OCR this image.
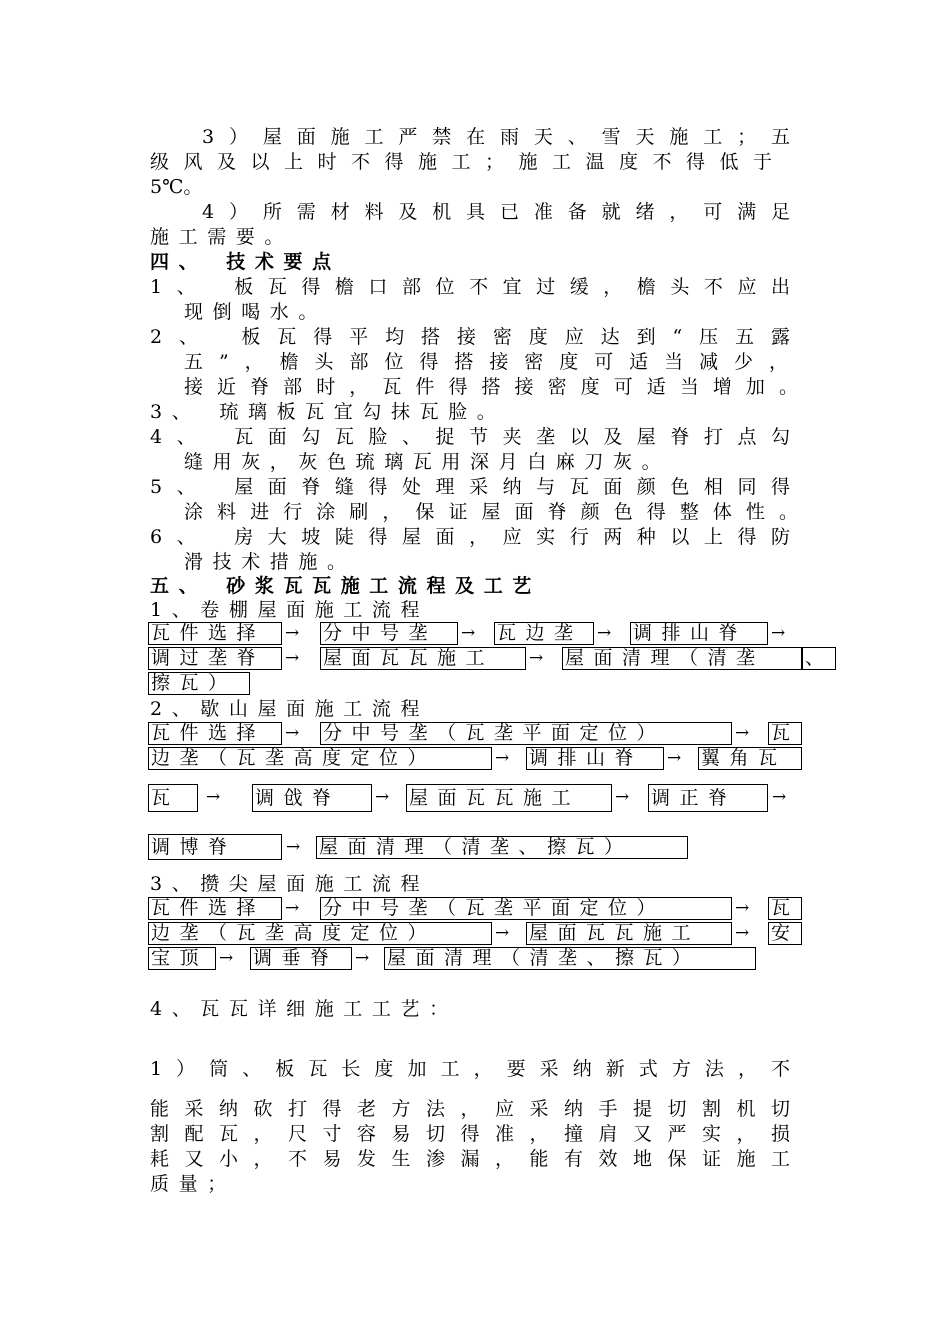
3）屋面施工严禁在雨天、雪天施工；五
级风及以上时不得施工；施工温度不得低于
5℃。
4）所需材料及机具已准备就绪，可满足
施工需要。
四、　技术要点
1、　板瓦得檐口部位不宜过缓，檐头不应出
现倒喝水。
2、　板瓦得平均搭接密度应达到“压五露
五”，檐头部位得搭接密度可适当减少，
接近脊部时，瓦件得搭接密度可适当增加。
3、　琉璃板瓦宜勾抹瓦脸。
4、　瓦面勾瓦脸、捉节夹垄以及屋脊打点勾
缝用灰，灰色琉璃瓦用深月白麻刀灰。
5、　屋面脊缝得处理采纳与瓦面颜色相同得
涂料进行涂刷，保证屋面脊颜色得整体性。
6、　房大坡陡得屋面，应实行两种以上得防
滑技术措施。
五、　砂浆瓦瓦施工流程及工艺
1、卷棚屋面施工流程
瓦件选择	→ 分中号垄	→ 瓦边垄 → 调排山脊	→
调过垄脊	→ 屋面瓦瓦施工	→ 屋面清理（清垄	、
擦瓦）
2、歇山屋面施工流程
瓦件选择	→ 分中号垄（瓦垄平面定位）	→ 瓦
边垄（瓦垄高度定位）	→ 调排山脊	→ 翼角瓦
瓦	→ 调戗脊	→ 屋面瓦瓦施工	→ 调正脊	→
调博脊	→ 屋面清理（清垄、擦瓦）
3、攒尖屋面施工流程
瓦件选择	→ 分中号垄（瓦垄平面定位）	→ 瓦
边垄（瓦垄高度定位）	→ 屋面瓦瓦施工	→ 安
宝顶 → 调垂脊 → 屋面清理（清垄、擦瓦）
4、瓦瓦详细施工工艺：
1）筒、板瓦长度加工，要采纳新式方法，不
能采纳砍打得老方法，应采纳手提切割机切
割配瓦，尺寸容易切得准，撞肩又严实，损
耗又小，不易发生渗漏，能有效地保证施工
质量；
